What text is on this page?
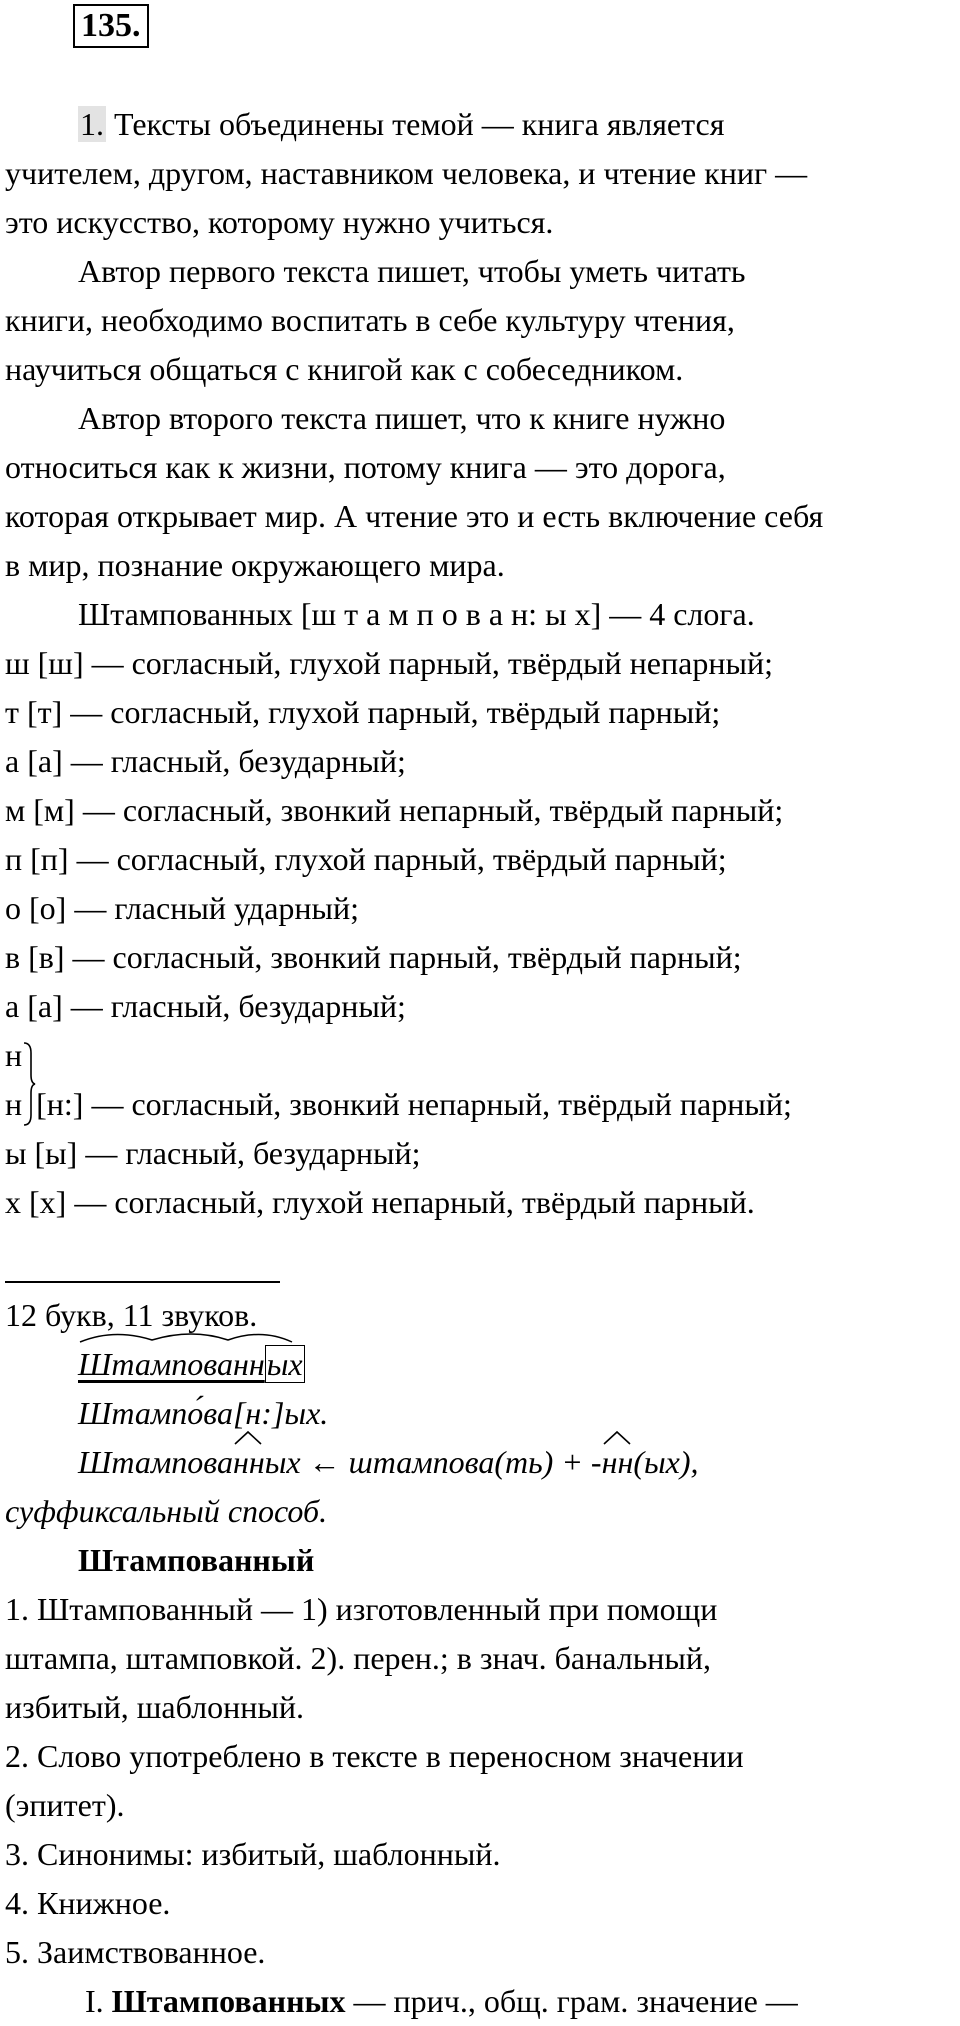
135.
1. Тексты объединены темой — книга является
учителем, другом, наставником человека, и чтение книг —
это искусство, которому нужно учиться.
Автор первого текста пишет, чтобы уметь читать
книги, необходимо воспитать в себе культуру чтения,
научиться общаться с книгой как с собеседником.
Автор второго текста пишет, что к книге нужно
относиться как к жизни, потому книга — это дорога,
которая открывает мир. А чтение это и есть включение себя
в мир, познание окружающего мира.
Штампованных [ш т а м п о в а н: ы х] — 4 слога.
ш [ш] — согласный, глухой парный, твёрдый непарный;
т [т] — согласный, глухой парный, твёрдый парный;
а [а] — гласный, безударный;
м [м] — согласный, звонкий непарный, твёрдый парный;
п [п] — согласный, глухой парный, твёрдый парный;
о [о] — гласный ударный;
в [в] — согласный, звонкий парный, твёрдый парный;
а [а] — гласный, безударный;
н
н [н:] — согласный, звонкий непарный, твёрдый парный;
ы [ы] — гласный, безударный;
х [х] — согласный, глухой непарный, твёрдый парный.
12 букв, 11 звуков.
Штампованных
Штампо́ва[н:]ых.
Штампова
нных ← штампова(ть) + -
нн(ых),
суффиксальный способ.
Штампованный
1. Штампованный — 1) изготовленный при помощи
штампа, штамповкой. 2). перен.; в знач. банальный,
избитый, шаблонный.
2. Слово употреблено в тексте в переносном значении
(эпитет).
3. Синонимы: избитый, шаблонный.
4. Книжное.
5. Заимствованное.
I. Штампованных — прич., общ. грам. значение —
